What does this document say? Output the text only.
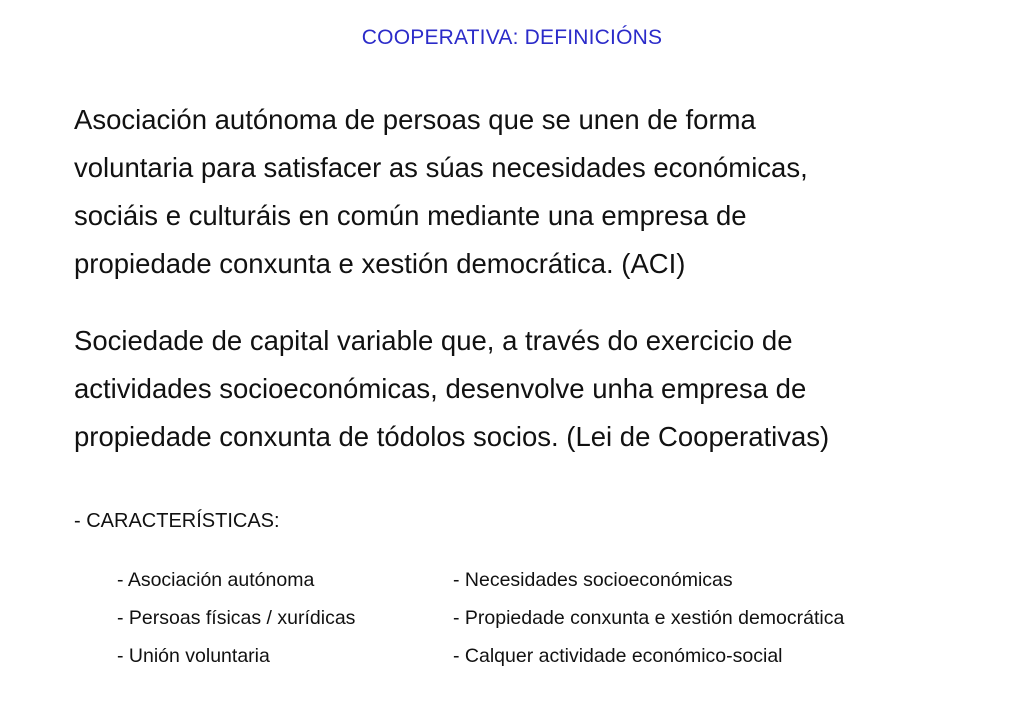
COOPERATIVA: DEFINICIÓNS
Asociación autónoma de persoas que se unen de forma
voluntaria para satisfacer as súas necesidades económicas,
sociáis e culturáis en común mediante una empresa de
propiedade conxunta e xestión democrática. (ACI)
Sociedade de capital variable que, a través do exercicio de
actividades socioeconómicas, desenvolve unha empresa de
propiedade conxunta de tódolos socios. (Lei de Cooperativas)
- CARACTERÍSTICAS:
- Asociación autónoma	- Necesidades socioeconómicas
- Persoas físicas / xurídicas	- Propiedade conxunta e xestión democrática
- Unión voluntaria	- Calquer actividade económico-social
